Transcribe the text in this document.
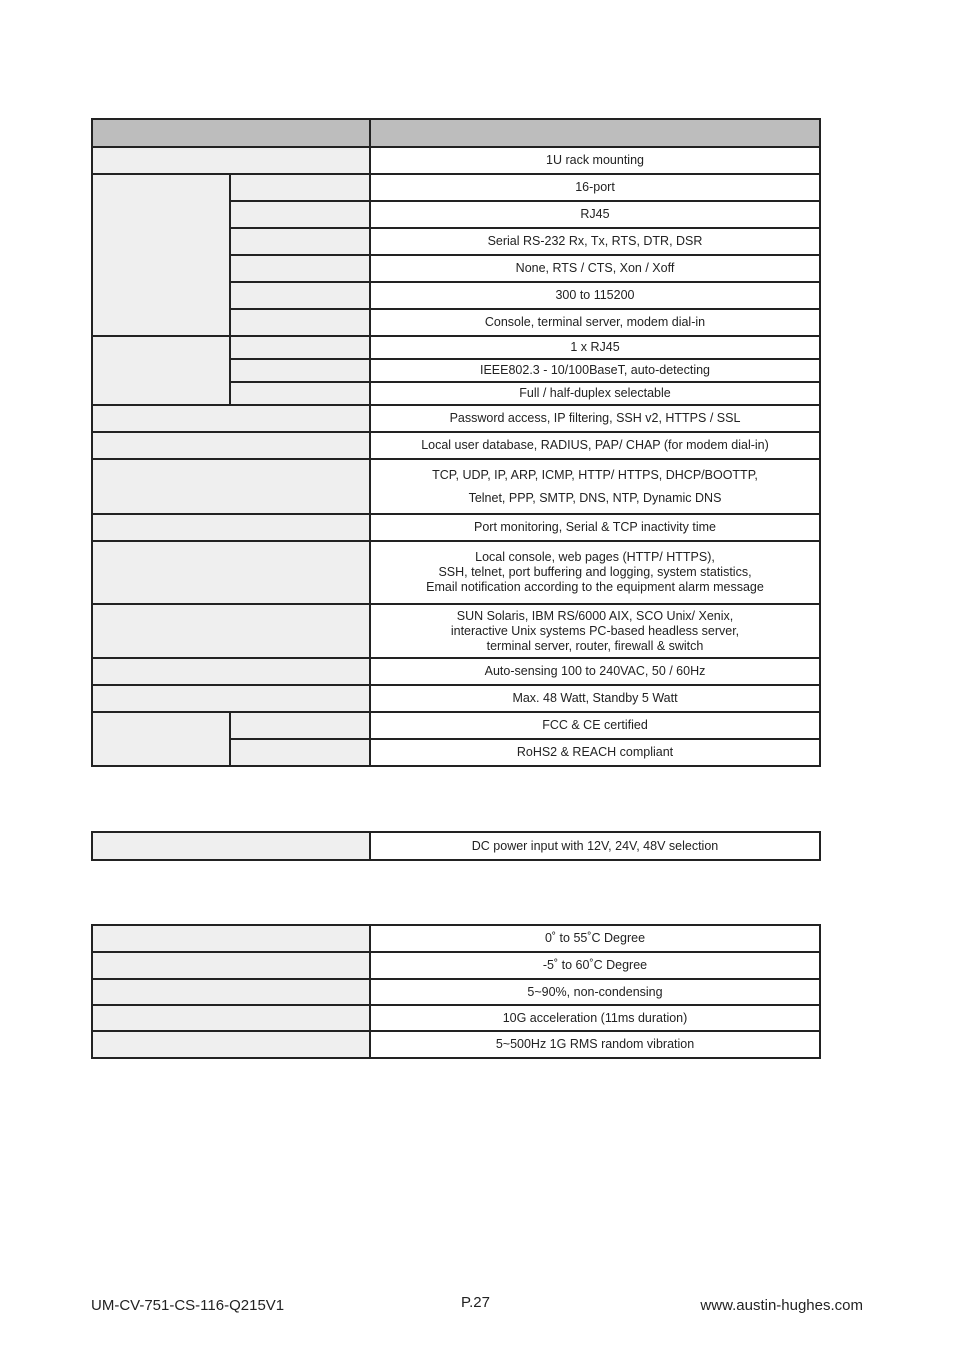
		1U rack mounting
		16-port
		RJ45
		Serial RS-232 Rx, Tx, RTS, DTR, DSR
		None, RTS / CTS, Xon / Xoff
		300 to 115200
		Console, terminal server, modem dial-in
		1 x RJ45
		IEEE802.3 - 10/100BaseT, auto-detecting
		Full / half-duplex selectable
		Password access, IP filtering, SSH v2, HTTPS / SSL
		Local user database, RADIUS, PAP/ CHAP (for modem dial-in)

		TCP, UDP, IP, ARP, ICMP, HTTP/ HTTPS, DHCP/BOOTTP,
Telnet, PPP, SMTP, DNS, NTP, Dynamic DNS

		Port monitoring, Serial & TCP inactivity time

		Local console, web pages (HTTP/ HTTPS),
SSH, telnet, port buffering and logging, system statistics,
Email notification according to the equipment alarm message

		SUN Solaris, IBM RS/6000 AIX, SCO Unix/ Xenix,
interactive Unix systems PC-based headless server,
terminal server, router, firewall & switch

		Auto-sensing 100 to 240VAC, 50 / 60Hz
		Max. 48 Watt, Standby 5 Watt
		FCC & CE certified
		RoHS2 & REACH compliant
	DC power input with 12V, 24V, 48V selection
	0˚ to 55˚C Degree
	-5˚ to 60˚C Degree
	5~90%, non-condensing
	10G acceleration (11ms duration)
	5~500Hz 1G RMS random vibration
UM-CV-751-CS-116-Q215V1	P.27	www.austin-hughes.com
